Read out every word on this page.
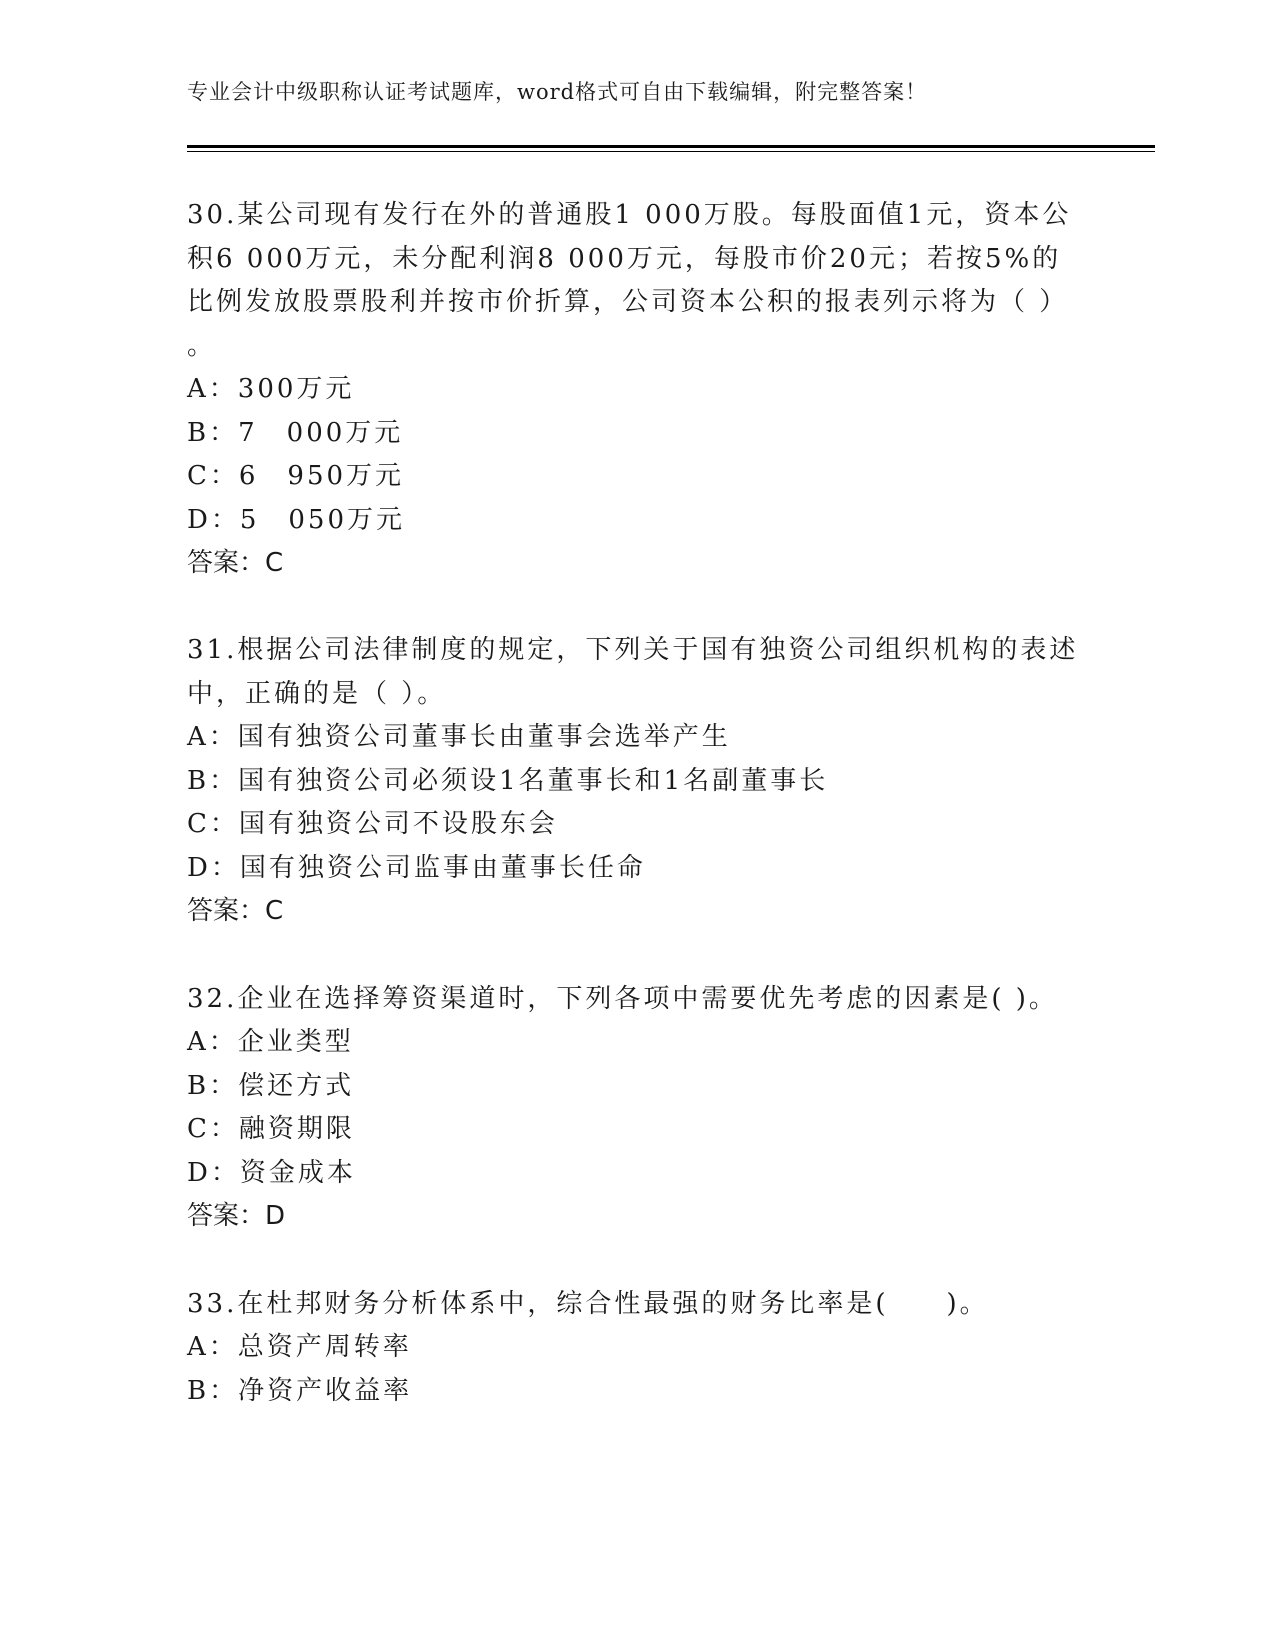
专业会计中级职称认证考试题库，word格式可自由下载编辑，附完整答案！
30.某公司现有发行在外的普通股1 000万股。每股面值1元，资本公
积6 000万元，未分配利润8 000万元，每股市价20元；若按5%的
比例发放股票股利并按市价折算，公司资本公积的报表列示将为（ ）
。
A：300万元
B：7　000万元
C：6　950万元
D：5　050万元
答案：C
31.根据公司法律制度的规定，下列关于国有独资公司组织机构的表述
中，正确的是（ ）。
A：国有独资公司董事长由董事会选举产生
B：国有独资公司必须设1名董事长和1名副董事长
C：国有独资公司不设股东会
D：国有独资公司监事由董事长任命
答案：C
32.企业在选择筹资渠道时，下列各项中需要优先考虑的因素是( )。
A：企业类型
B：偿还方式
C：融资期限
D：资金成本
答案：D
33.在杜邦财务分析体系中，综合性最强的财务比率是(　　)。
A：总资产周转率
B：净资产收益率
